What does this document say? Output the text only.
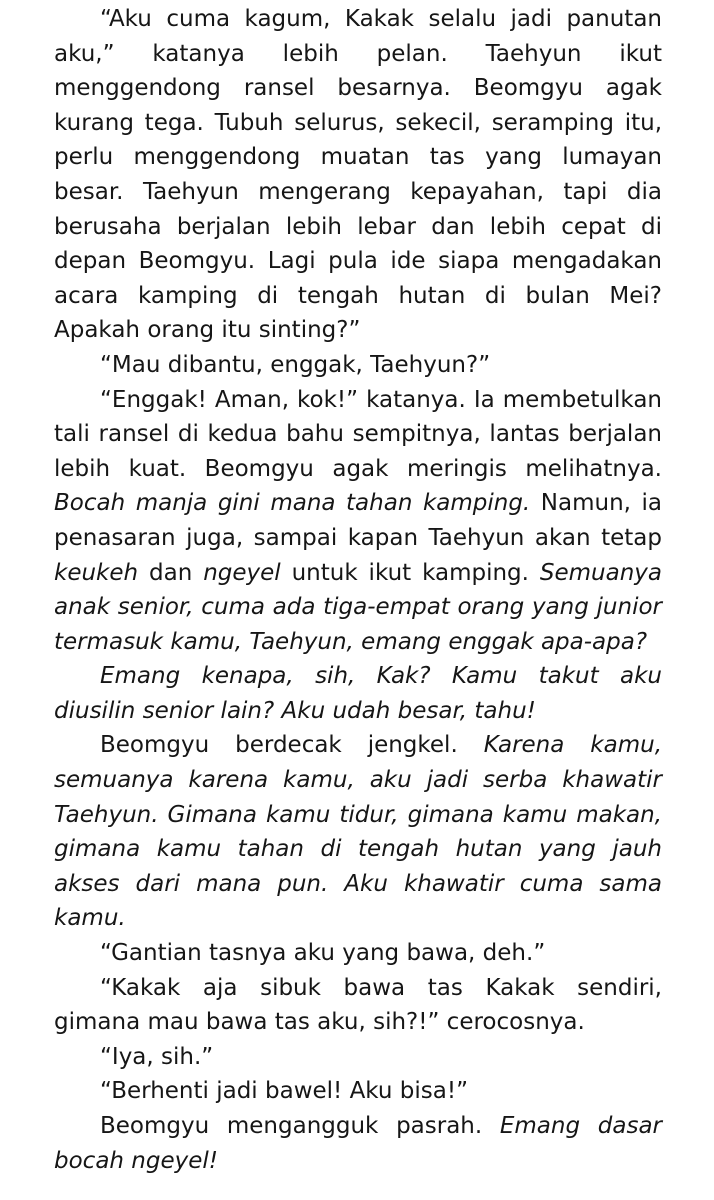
“Aku cuma kagum, Kakak selalu jadi panutan aku,” katanya lebih pelan. Taehyun ikut menggendong ransel besarnya. Beomgyu agak kurang tega. Tubuh selurus, sekecil, seramping itu, perlu menggendong muatan tas yang lumayan besar. Taehyun mengerang kepayahan, tapi dia berusaha berjalan lebih lebar dan lebih cepat di depan Beomgyu. Lagi pula ide siapa mengadakan acara kamping di tengah hutan di bulan Mei? Apakah orang itu sinting?”

“Mau dibantu, enggak, Taehyun?”

“Enggak! Aman, kok!” katanya. Ia membetulkan tali ransel di kedua bahu sempitnya, lantas berjalan lebih kuat. Beomgyu agak meringis melihatnya. Bocah manja gini mana tahan kamping. Namun, ia penasaran juga, sampai kapan Taehyun akan tetap keukeh dan ngeyel untuk ikut kamping. Semuanya anak senior, cuma ada tiga-empat orang yang junior termasuk kamu, Taehyun, emang enggak apa-apa?

Emang kenapa, sih, Kak? Kamu takut aku diusilin senior lain? Aku udah besar, tahu!

Beomgyu berdecak jengkel. Karena kamu, semuanya karena kamu, aku jadi serba khawatir Taehyun. Gimana kamu tidur, gimana kamu makan, gimana kamu tahan di tengah hutan yang jauh akses dari mana pun. Aku khawatir cuma sama kamu.

“Gantian tasnya aku yang bawa, deh.”

“Kakak aja sibuk bawa tas Kakak sendiri, gimana mau bawa tas aku, sih?!” cerocosnya.

“Iya, sih.”

“Berhenti jadi bawel! Aku bisa!”

Beomgyu mengangguk pasrah. Emang dasar bocah ngeyel!
